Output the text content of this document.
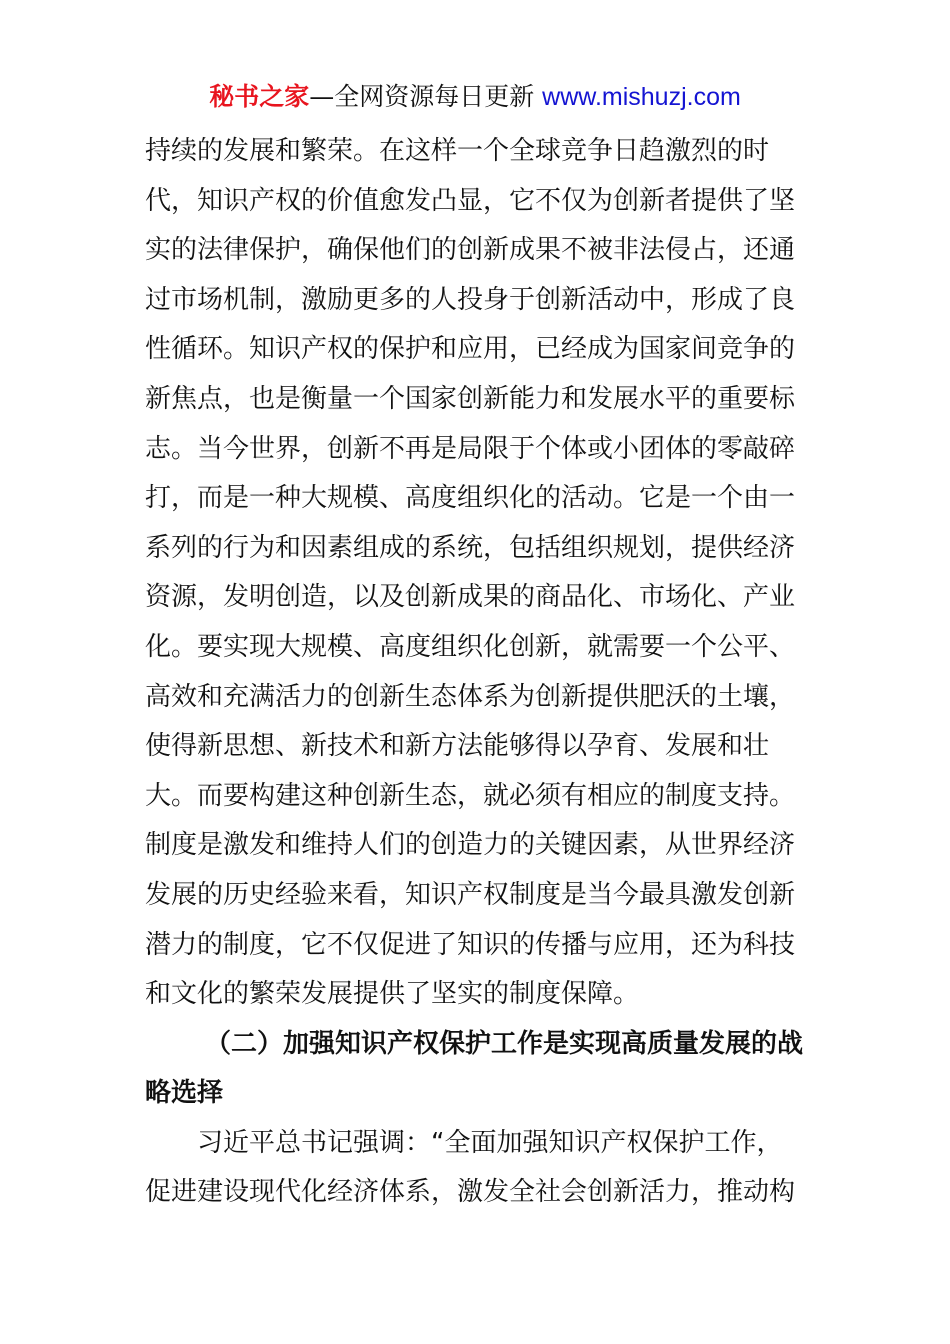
秘书之家—全网资源每日更新 www.mishuzj.com
持续的发展和繁荣。在这样一个全球竞争日趋激烈的时
代，知识产权的价值愈发凸显，它不仅为创新者提供了坚
实的法律保护，确保他们的创新成果不被非法侵占，还通
过市场机制，激励更多的人投身于创新活动中，形成了良
性循环。知识产权的保护和应用，已经成为国家间竞争的
新焦点，也是衡量一个国家创新能力和发展水平的重要标
志。当今世界，创新不再是局限于个体或小团体的零敲碎
打，而是一种大规模、高度组织化的活动。它是一个由一
系列的行为和因素组成的系统，包括组织规划，提供经济
资源，发明创造，以及创新成果的商品化、市场化、产业
化。要实现大规模、高度组织化创新，就需要一个公平、
高效和充满活力的创新生态体系为创新提供肥沃的土壤，
使得新思想、新技术和新方法能够得以孕育、发展和壮
大。而要构建这种创新生态，就必须有相应的制度支持。
制度是激发和维持人们的创造力的关键因素，从世界经济
发展的历史经验来看，知识产权制度是当今最具激发创新
潜力的制度，它不仅促进了知识的传播与应用，还为科技
和文化的繁荣发展提供了坚实的制度保障。
（二）加强知识产权保护工作是实现高质量发展的战
略选择
习近平总书记强调：“全面加强知识产权保护工作，
促进建设现代化经济体系，激发全社会创新活力，推动构
